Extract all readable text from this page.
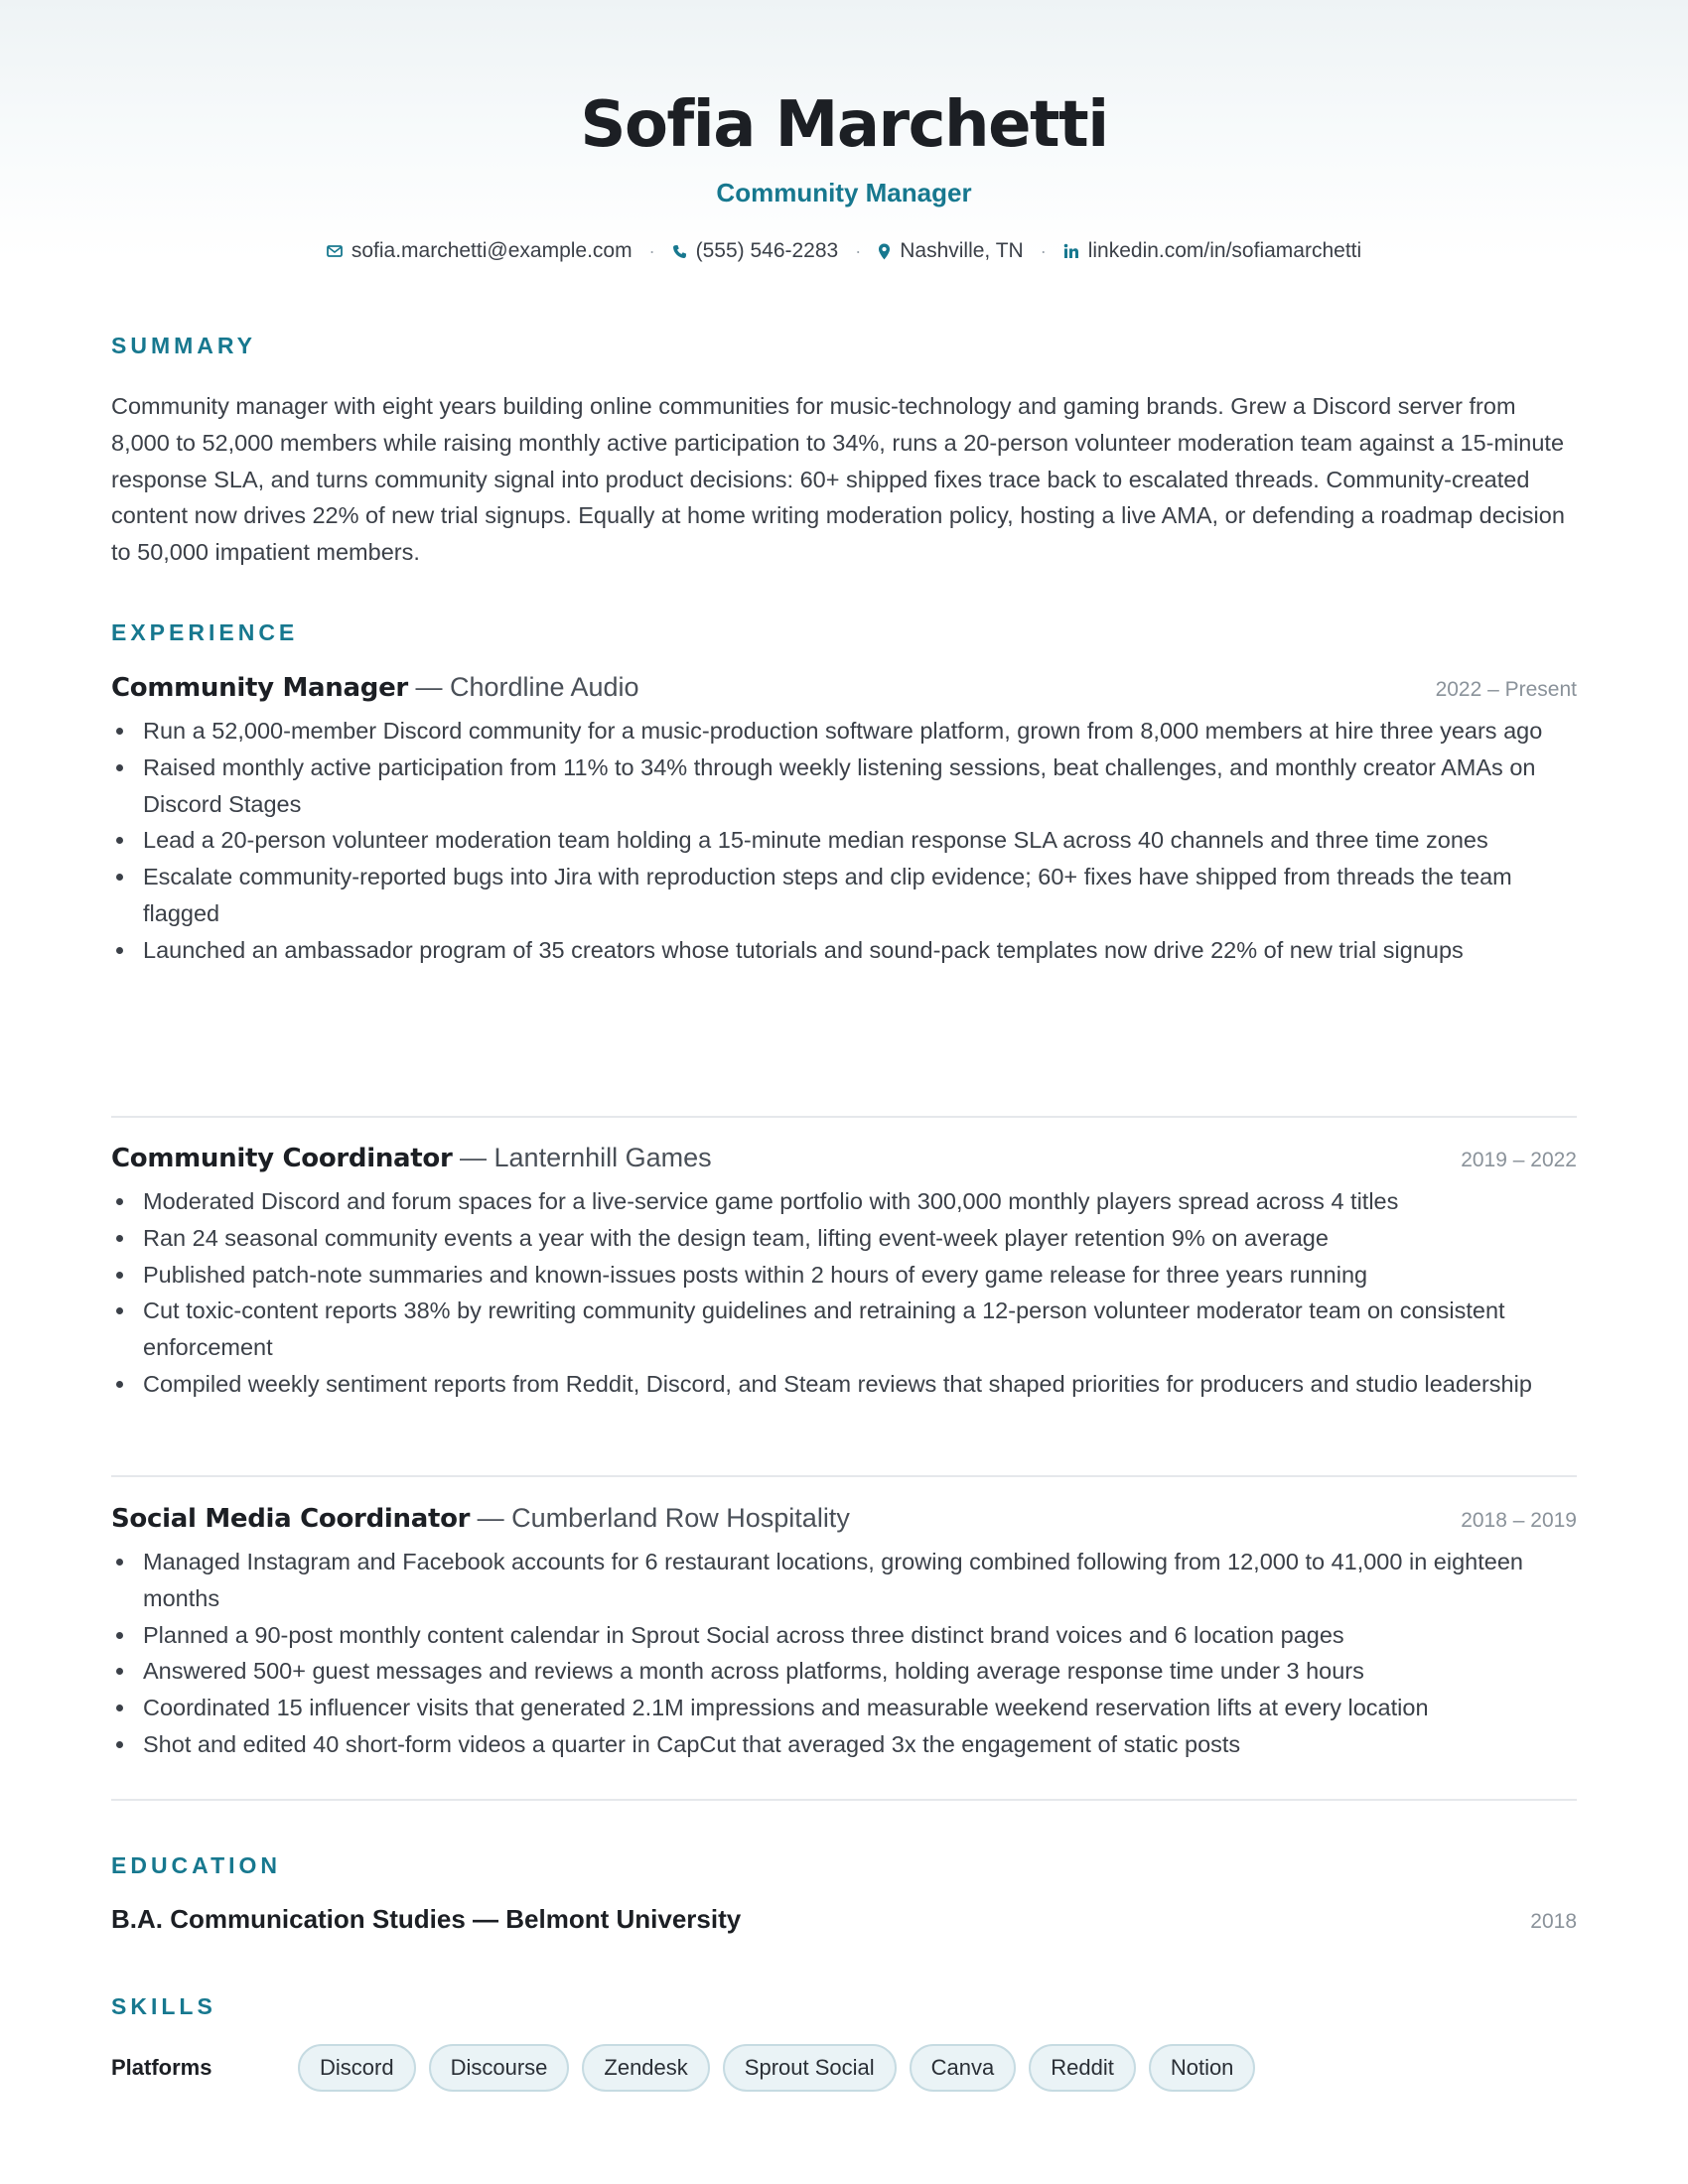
Sofia Marchetti
Community Manager
sofia.marchetti@example.com · (555) 546-2283 · Nashville, TN · linkedin.com/in/sofiamarchetti
SUMMARY

Community manager with eight years building online communities for music-technology and gaming brands. Grew a Discord server from 8,000 to 52,000 members while raising monthly active participation to 34%, runs a 20-person volunteer moderation team against a 15-minute response SLA, and turns community signal into product decisions: 60+ shipped fixes trace back to escalated threads. Community-created content now drives 22% of new trial signups. Equally at home writing moderation policy, hosting a live AMA, or defending a roadmap decision to 50,000 impatient members.

EXPERIENCE
Community Manager — Chordline Audio	2022 – Present
Run a 52,000-member Discord community for a music-production software platform, grown from 8,000 members at hire three years ago
Raised monthly active participation from 11% to 34% through weekly listening sessions, beat challenges, and monthly creator AMAs on Discord Stages
Lead a 20-person volunteer moderation team holding a 15-minute median response SLA across 40 channels and three time zones
Escalate community-reported bugs into Jira with reproduction steps and clip evidence; 60+ fixes have shipped from threads the team flagged
Launched an ambassador program of 35 creators whose tutorials and sound-pack templates now drive 22% of new trial signups
Community Coordinator — Lanternhill Games	2019 – 2022
Moderated Discord and forum spaces for a live-service game portfolio with 300,000 monthly players spread across 4 titles
Ran 24 seasonal community events a year with the design team, lifting event-week player retention 9% on average
Published patch-note summaries and known-issues posts within 2 hours of every game release for three years running
Cut toxic-content reports 38% by rewriting community guidelines and retraining a 12-person volunteer moderator team on consistent enforcement
Compiled weekly sentiment reports from Reddit, Discord, and Steam reviews that shaped priorities for producers and studio leadership
Social Media Coordinator — Cumberland Row Hospitality	2018 – 2019
Managed Instagram and Facebook accounts for 6 restaurant locations, growing combined following from 12,000 to 41,000 in eighteen months
Planned a 90-post monthly content calendar in Sprout Social across three distinct brand voices and 6 location pages
Answered 500+ guest messages and reviews a month across platforms, holding average response time under 3 hours
Coordinated 15 influencer visits that generated 2.1M impressions and measurable weekend reservation lifts at every location
Shot and edited 40 short-form videos a quarter in CapCut that averaged 3x the engagement of static posts
EDUCATION
B.A. Communication Studies — Belmont University	2018
SKILLS
Platforms	Discord	Discourse	Zendesk	Sprout Social	Canva	Reddit	Notion
